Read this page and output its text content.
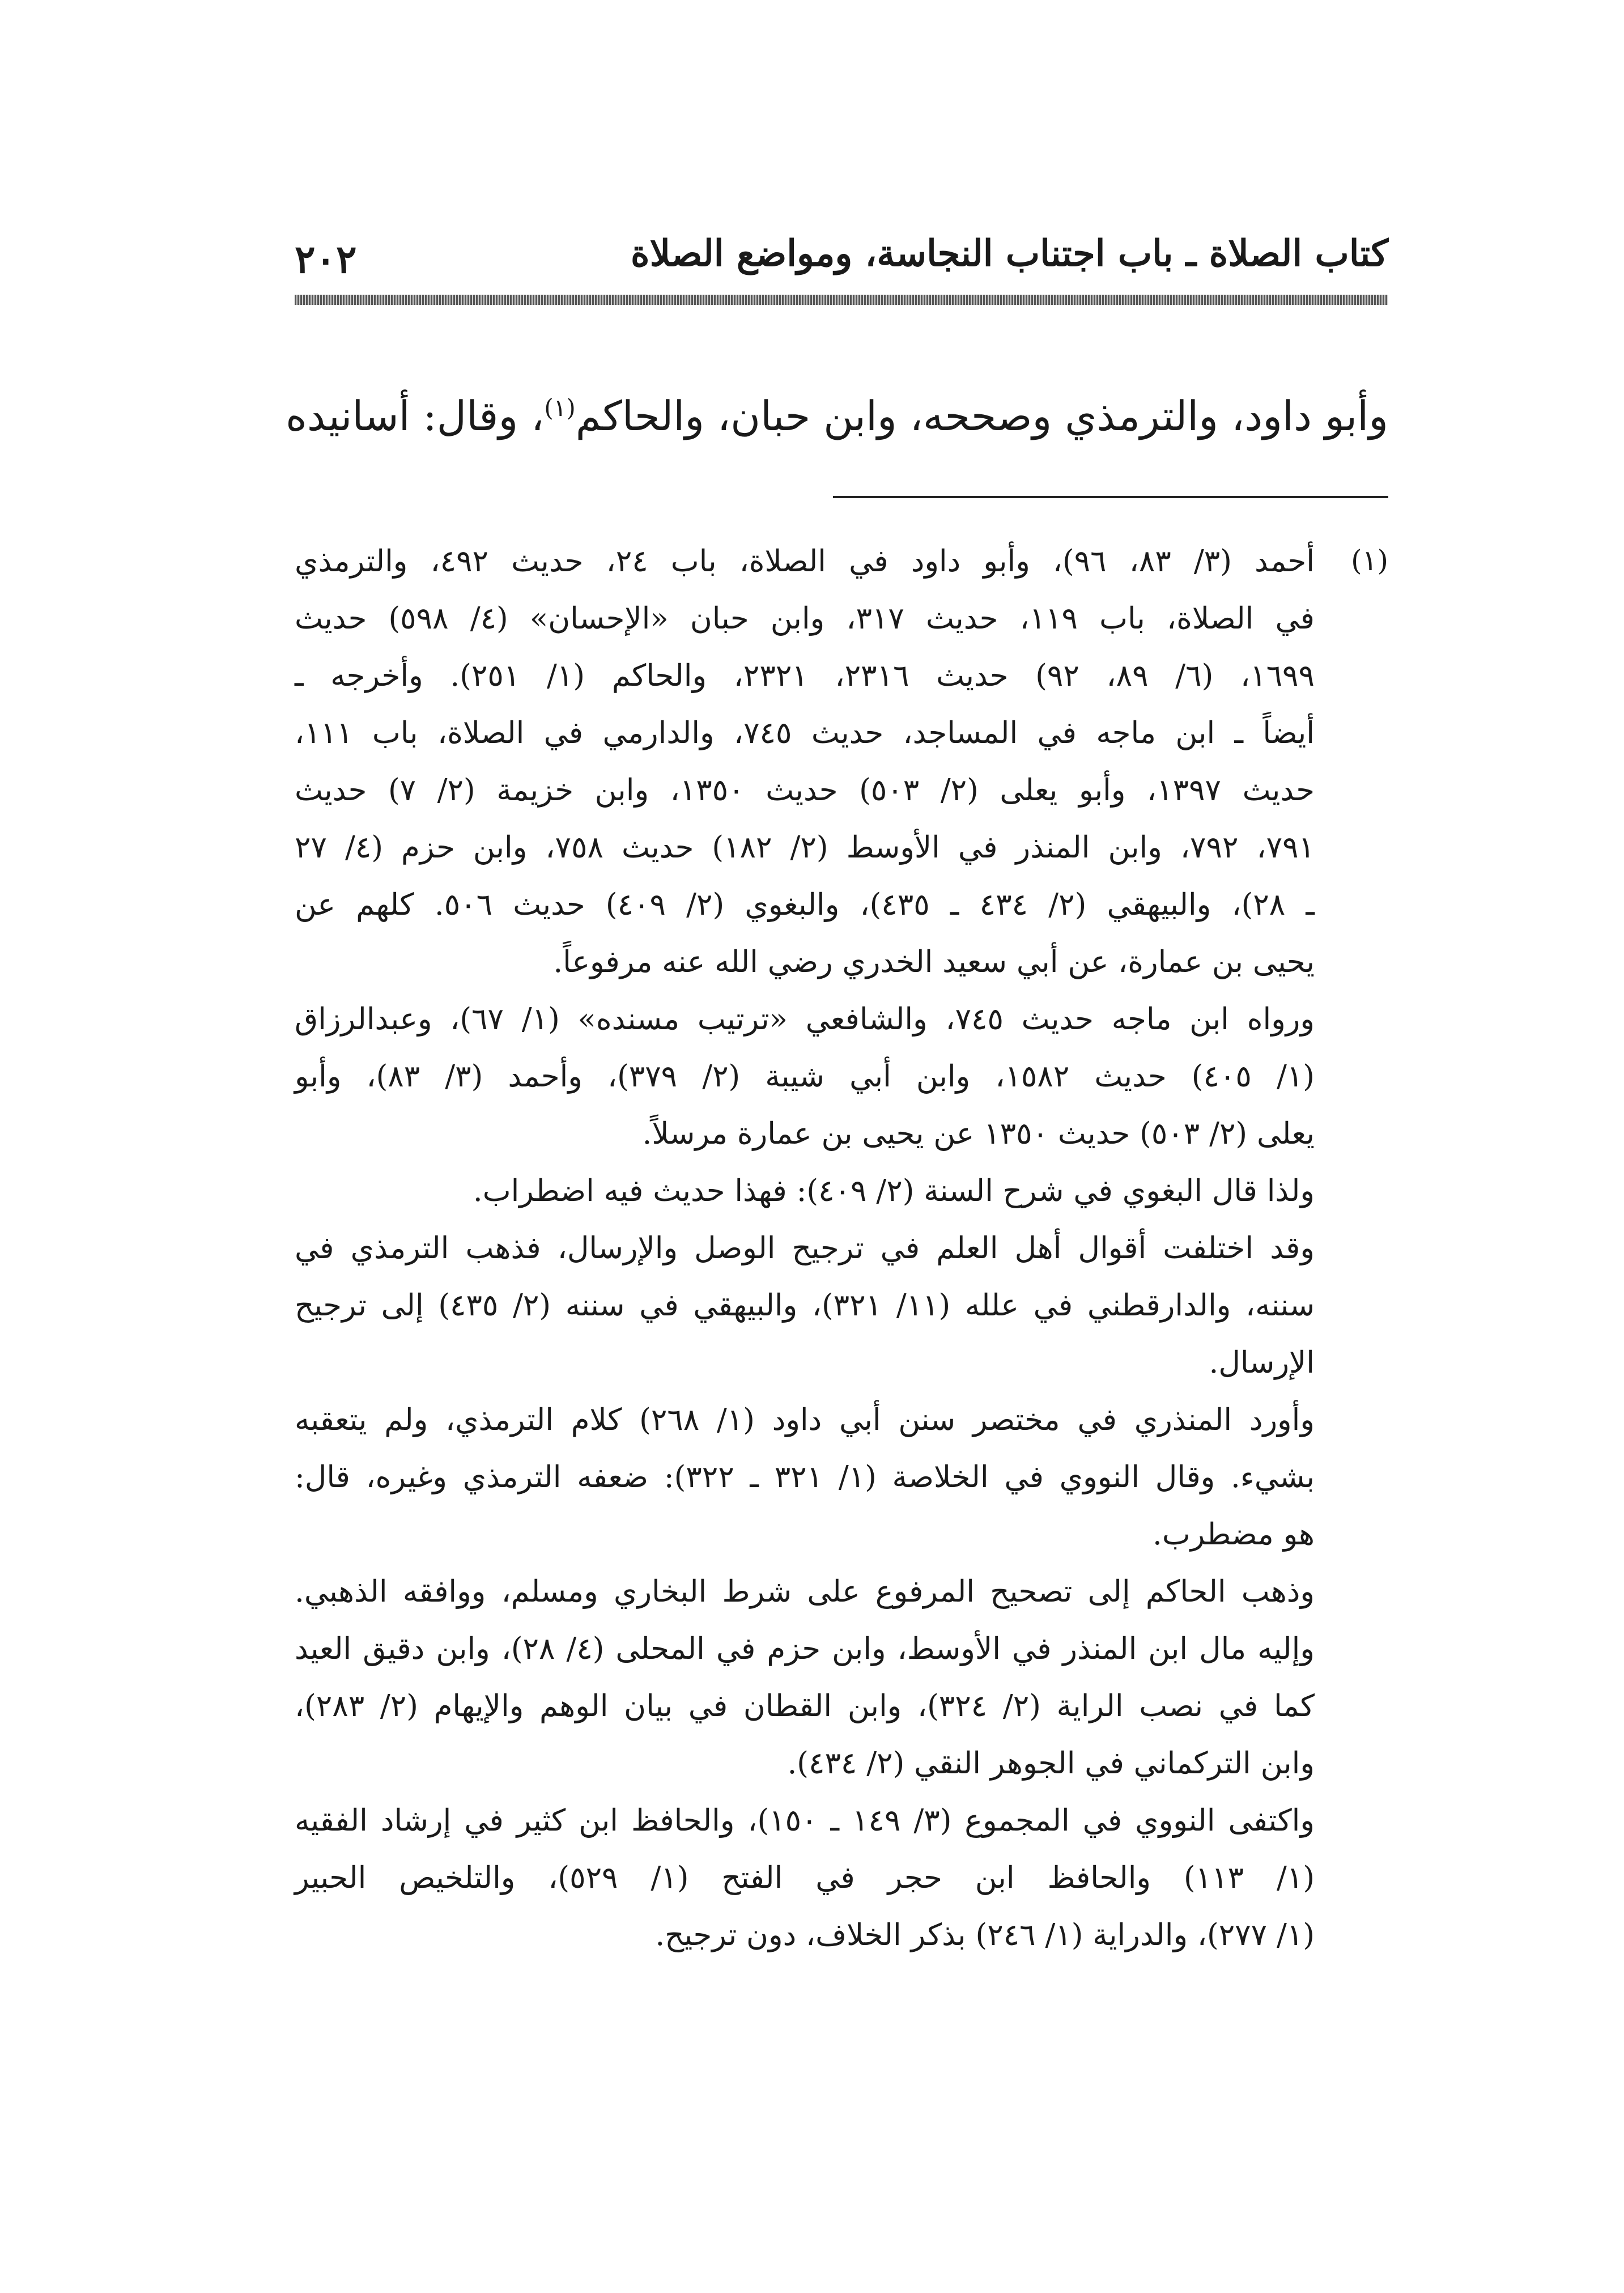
كتاب الصلاة ـ باب اجتناب النجاسة، ومواضع الصلاة
٢٠٢
وأبو داود، والترمذي وصححه، وابن حبان، والحاكم$^{(١)}$، وقال: أسانيده
(١)
أحمد (٣/ ٨٣، ٩٦)، وأبو داود في الصلاة، باب ٢٤، حديث ٤٩٢، والترمذي
في الصلاة، باب ١١٩، حديث ٣١٧، وابن حبان «الإحسان» (٤/ ٥٩٨) حديث
١٦٩٩، (٦/ ٨٩، ٩٢) حديث ٢٣١٦، ٢٣٢١، والحاكم (١/ ٢٥١). وأخرجه ـ
أيضاً ـ ابن ماجه في المساجد، حديث ٧٤٥، والدارمي في الصلاة، باب ١١١،
حديث ١٣٩٧، وأبو يعلى (٢/ ٥٠٣) حديث ١٣٥٠، وابن خزيمة (٢/ ٧) حديث
٧٩١، ٧٩٢، وابن المنذر في الأوسط (٢/ ١٨٢) حديث ٧٥٨، وابن حزم (٤/ ٢٧
ـ ٢٨)، والبيهقي (٢/ ٤٣٤ ـ ٤٣٥)، والبغوي (٢/ ٤٠٩) حديث ٥٠٦. كلهم عن
يحيى بن عمارة، عن أبي سعيد الخدري رضي الله عنه مرفوعاً.
ورواه ابن ماجه حديث ٧٤٥، والشافعي «ترتيب مسنده» (١/ ٦٧)، وعبدالرزاق
(١/ ٤٠٥) حديث ١٥٨٢، وابن أبي شيبة (٢/ ٣٧٩)، وأحمد (٣/ ٨٣)، وأبو
يعلى (٢/ ٥٠٣) حديث ١٣٥٠ عن يحيى بن عمارة مرسلاً.
ولذا قال البغوي في شرح السنة (٢/ ٤٠٩): فهذا حديث فيه اضطراب.
وقد اختلفت أقوال أهل العلم في ترجيح الوصل والإرسال، فذهب الترمذي في
سننه، والدارقطني في علله (١١/ ٣٢١)، والبيهقي في سننه (٢/ ٤٣٥) إلى ترجيح
الإرسال.
وأورد المنذري في مختصر سنن أبي داود (١/ ٢٦٨) كلام الترمذي، ولم يتعقبه
بشيء. وقال النووي في الخلاصة (١/ ٣٢١ ـ ٣٢٢): ضعفه الترمذي وغيره، قال:
هو مضطرب.
وذهب الحاكم إلى تصحيح المرفوع على شرط البخاري ومسلم، ووافقه الذهبي.
وإليه مال ابن المنذر في الأوسط، وابن حزم في المحلى (٤/ ٢٨)، وابن دقيق العيد
كما في نصب الراية (٢/ ٣٢٤)، وابن القطان في بيان الوهم والإيهام (٢/ ٢٨٣)،
وابن التركماني في الجوهر النقي (٢/ ٤٣٤).
واكتفى النووي في المجموع (٣/ ١٤٩ ـ ١٥٠)، والحافظ ابن كثير في إرشاد الفقيه
(١/ ١١٣) والحافظ ابن حجر في الفتح (١/ ٥٢٩)، والتلخيص الحبير
(١/ ٢٧٧)، والدراية (١/ ٢٤٦) بذكر الخلاف، دون ترجيح.
